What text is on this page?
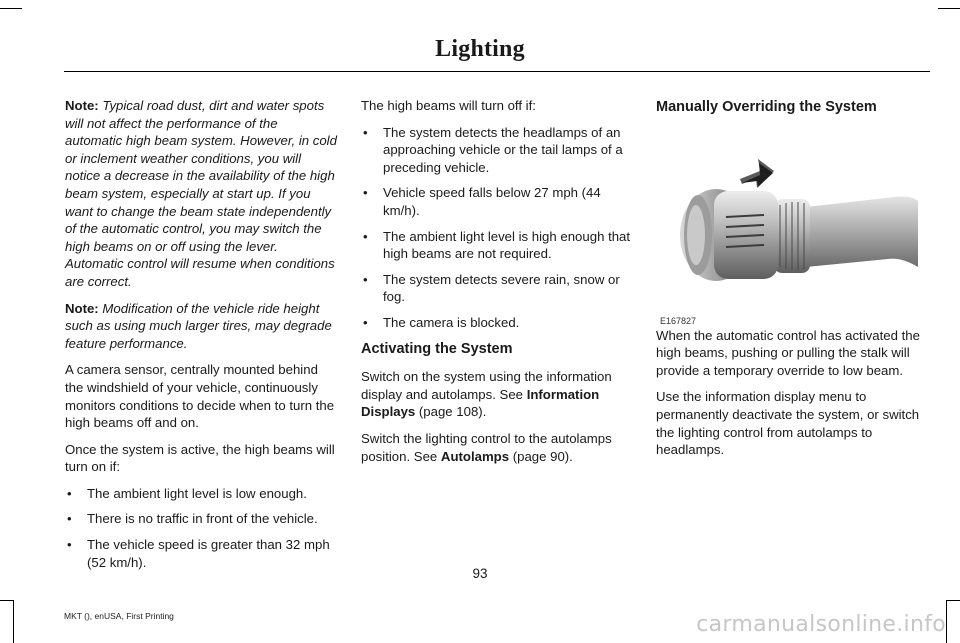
Lighting

Note: Typical road dust, dirt and water spots will not affect the performance of the automatic high beam system. However, in cold or inclement weather conditions, you will notice a decrease in the availability of the high beam system, especially at start up. If you want to change the beam state independently of the automatic control, you may switch the high beams on or off using the lever. Automatic control will resume when conditions are correct.

Note: Modification of the vehicle ride height such as using much larger tires, may degrade feature performance.

A camera sensor, centrally mounted behind the windshield of your vehicle, continuously monitors conditions to decide when to turn the high beams off and on.

Once the system is active, the high beams will turn on if:

• The ambient light level is low enough.
• There is no traffic in front of the vehicle.
• The vehicle speed is greater than 32 mph (52 km/h).

The high beams will turn off if:

• The system detects the headlamps of an approaching vehicle or the tail lamps of a preceding vehicle.
• Vehicle speed falls below 27 mph (44 km/h).
• The ambient light level is high enough that high beams are not required.
• The system detects severe rain, snow or fog.
• The camera is blocked.
Activating the System

Switch on the system using the information display and autolamps. See Information Displays (page 108).

Switch the lighting control to the autolamps position. See Autolamps (page 90).

Manually Overriding the System
E167827

When the automatic control has activated the high beams, pushing or pulling the stalk will provide a temporary override to low beam.

Use the information display menu to permanently deactivate the system, or switch the lighting control from autolamps to headlamps.

93
MKT (), enUSA, First Printing	carmanualsonline.info
